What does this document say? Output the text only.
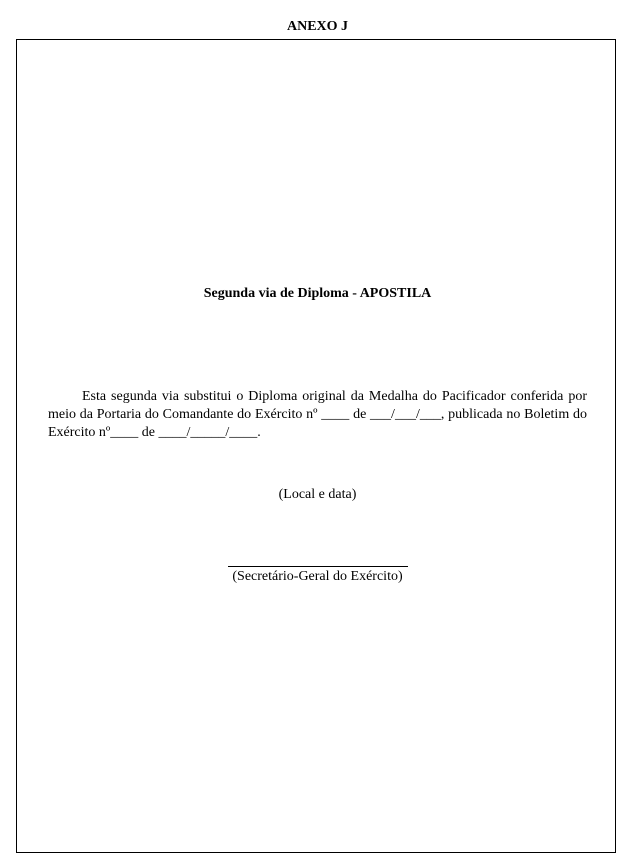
ANEXO J
Segunda via de Diploma - APOSTILA

Esta segunda via substitui o Diploma original da Medalha do Pacificador conferida por meio da Portaria do Comandante do Exército nº ____ de ___/___/___, publicada no Boletim do Exército nº____ de ____/_____/____.

(Local e data)
(Secretário-Geral do Exército)
